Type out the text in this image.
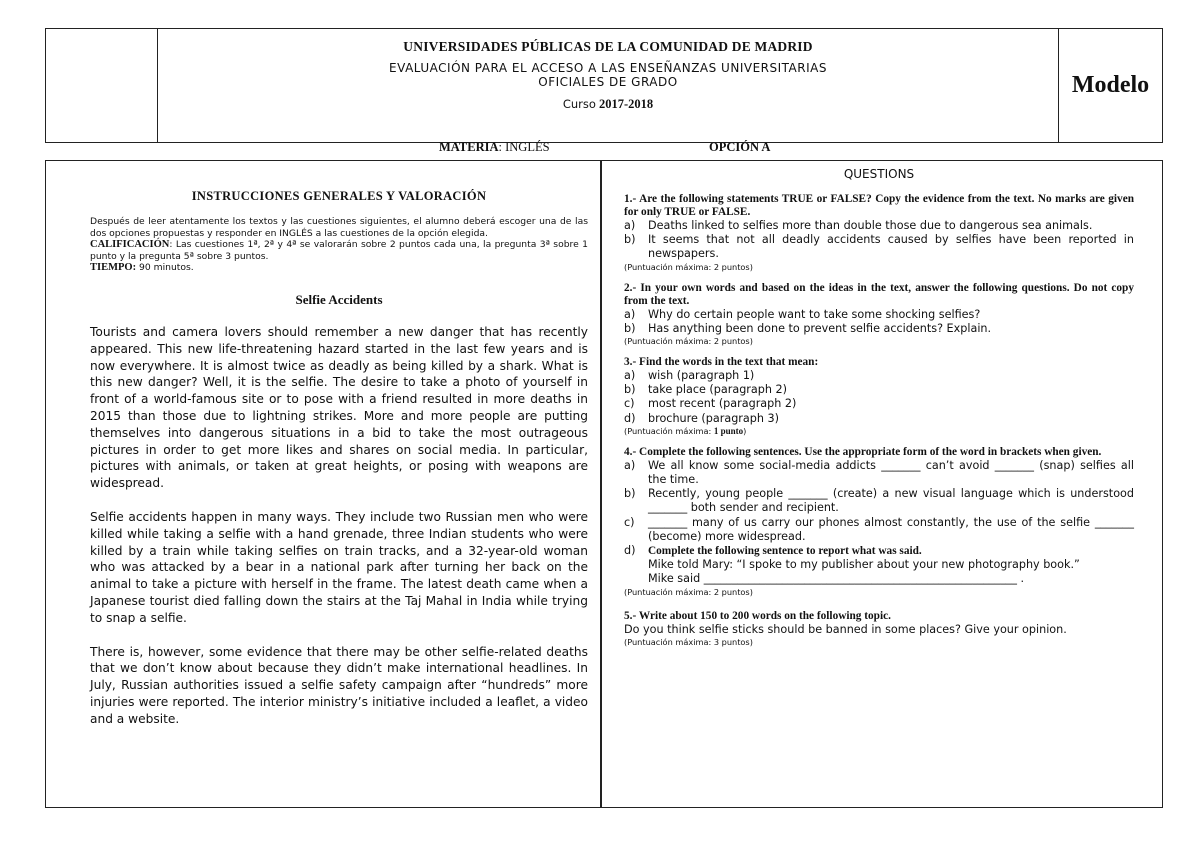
UNIVERSIDADES PÚBLICAS DE LA COMUNIDAD DE MADRID
EVALUACIÓN PARA EL ACCESO A LAS ENSEÑANZAS UNIVERSITARIAS
OFICIALES DE GRADO
Curso 2017-2018
MATERIA: INGLÉS	OPCIÓN A
Modelo
INSTRUCCIONES GENERALES Y VALORACIÓN
Después de leer atentamente los textos y las cuestiones siguientes, el alumno deberá escoger una de las dos opciones propuestas y responder en INGLÉS a las cuestiones de la opción elegida.
CALIFICACIÓN: Las cuestiones 1ª, 2ª y 4ª se valorarán sobre 2 puntos cada una, la pregunta 3ª sobre 1 punto y la pregunta 5ª sobre 3 puntos.
TIEMPO: 90 minutos.
Selfie Accidents

Tourists and camera lovers should remember a new danger that has recently appeared. This new life-threatening hazard started in the last few years and is now everywhere. It is almost twice as deadly as being killed by a shark. What is this new danger? Well, it is the selfie. The desire to take a photo of yourself in front of a world-famous site or to pose with a friend resulted in more deaths in 2015 than those due to lightning strikes. More and more people are putting themselves into dangerous situations in a bid to take the most outrageous pictures in order to get more likes and shares on social media. In particular, pictures with animals, or taken at great heights, or posing with weapons are widespread.

Selfie accidents happen in many ways. They include two Russian men who were killed while taking a selfie with a hand grenade, three Indian students who were killed by a train while taking selfies on train tracks, and a 32-year-old woman who was attacked by a bear in a national park after turning her back on the animal to take a picture with herself in the frame. The latest death came when a Japanese tourist died falling down the stairs at the Taj Mahal in India while trying to snap a selfie.

There is, however, some evidence that there may be other selfie-related deaths that we don’t know about because they didn’t make international headlines. In July, Russian authorities issued a selfie safety campaign after “hundreds” more injuries were reported. The interior ministry’s initiative included a leaflet, a video and a website.

QUESTIONS
1.- Are the following statements TRUE or FALSE? Copy the evidence from the text. No marks are given for only TRUE or FALSE.
a)	Deaths linked to selfies more than double those due to dangerous sea animals.
b)	It seems that not all deadly accidents caused by selfies have been reported in newspapers.
(Puntuación máxima: 2 puntos)
2.- In your own words and based on the ideas in the text, answer the following questions. Do not copy from the text.
a)	Why do certain people want to take some shocking selfies?
b)	Has anything been done to prevent selfie accidents? Explain.
(Puntuación máxima: 2 puntos)
3.- Find the words in the text that mean:
a)	wish (paragraph 1)
b)	take place (paragraph 2)
c)	most recent (paragraph 2)
d)	brochure (paragraph 3)
(Puntuación máxima: 1 punto)
4.- Complete the following sentences. Use the appropriate form of the word in brackets when given.
a)	We all know some social-media addicts _______ can’t avoid _______ (snap) selfies all the time.
b)	Recently, young people _______ (create) a new visual language which is understood _______ both sender and recipient.
c)	_______ many of us carry our phones almost constantly, the use of the selfie _______ (become) more widespread.
d)	Complete the following sentence to report what was said.
Mike told Mary: “I spoke to my publisher about your new photography book.”
Mike said ________________________________________________________ .
(Puntuación máxima: 2 puntos)
5.- Write about 150 to 200 words on the following topic.
Do you think selfie sticks should be banned in some places? Give your opinion.
(Puntuación máxima: 3 puntos)
